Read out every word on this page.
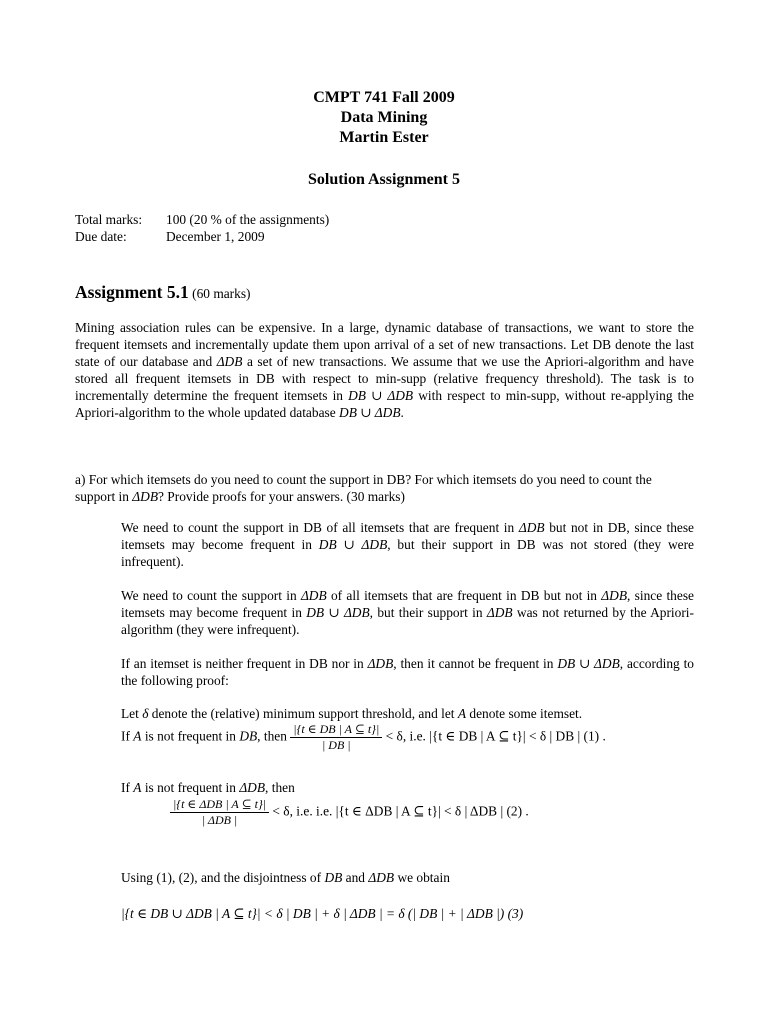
CMPT 741 Fall 2009
Data Mining
Martin Ester
Solution Assignment 5
Total marks:	100 (20 % of the assignments)
Due date:	December 1, 2009
Assignment 5.1 (60 marks)
Mining association rules can be expensive. In a large, dynamic database of transactions, we want to store the frequent itemsets and incrementally update them upon arrival of a set of new transactions. Let DB denote the last state of our database and ΔDB a set of new transactions. We assume that we use the Apriori-algorithm and have stored all frequent itemsets in DB with respect to min-supp (relative frequency threshold). The task is to incrementally determine the frequent itemsets in DB ∪ ΔDB with respect to min-supp, without re-applying the Apriori-algorithm to the whole updated database DB ∪ ΔDB.
a) For which itemsets do you need to count the support in DB? For which itemsets do you need to count the support in ΔDB? Provide proofs for your answers. (30 marks)
We need to count the support in DB of all itemsets that are frequent in ΔDB but not in DB, since these itemsets may become frequent in DB ∪ ΔDB, but their support in DB was not stored (they were infrequent).
We need to count the support in ΔDB of all itemsets that are frequent in DB but not in ΔDB, since these itemsets may become frequent in DB ∪ ΔDB, but their support in ΔDB was not returned by the Apriori-algorithm (they were infrequent).
If an itemset is neither frequent in DB nor in ΔDB, then it cannot be frequent in DB ∪ ΔDB, according to the following proof:
Let δ denote the (relative) minimum support threshold, and let A denote some itemset.
If A is not frequent in DB, then $\frac{|\{t \in DB | A ⊆ t\}|}{| DB |} < \delta$, i.e. |{t ∈ DB | A ⊆ t}| < δ | DB | (1) .
If A is not frequent in ΔDB, then
$\frac{\text{|\{t ∈ ΔDB | A ⊆ t\}|}}{\text{| ΔDB |}} < \delta$, i.e. i.e. |{t ∈ ΔDB | A ⊆ t}| < δ | ΔDB | (2) .
Using (1), (2), and the disjointness of DB and ΔDB we obtain
|{t ∈ DB ∪ ΔDB | A ⊆ t}| < δ | DB | + δ | ΔDB | = δ (| DB | + | ΔDB |) (3)
